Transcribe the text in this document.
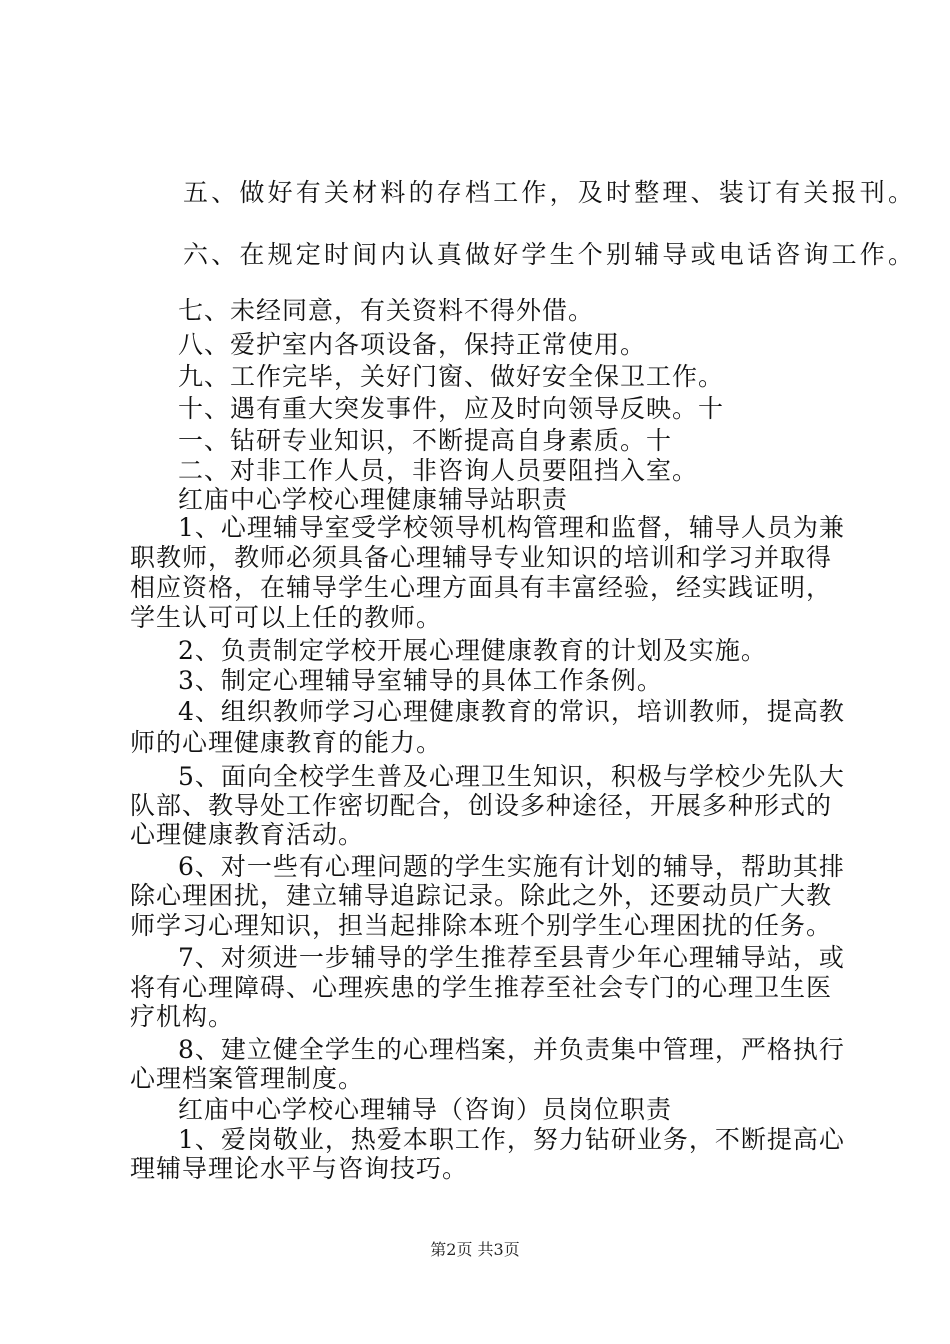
五、做好有关材料的存档工作，及时整理、装订有关报刊。
六、在规定时间内认真做好学生个别辅导或电话咨询工作。
七、未经同意，有关资料不得外借。
八、爱护室内各项设备，保持正常使用。
九、工作完毕，关好门窗、做好安全保卫工作。
十、遇有重大突发事件，应及时向领导反映。十
一、钻研专业知识，不断提高自身素质。十
二、对非工作人员，非咨询人员要阻挡入室。
红庙中心学校心理健康辅导站职责
1、心理辅导室受学校领导机构管理和监督，辅导人员为兼
职教师，教师必须具备心理辅导专业知识的培训和学习并取得
相应资格，在辅导学生心理方面具有丰富经验，经实践证明，
学生认可可以上任的教师。
2、负责制定学校开展心理健康教育的计划及实施。
3、制定心理辅导室辅导的具体工作条例。
4、组织教师学习心理健康教育的常识，培训教师，提高教
师的心理健康教育的能力。
5、面向全校学生普及心理卫生知识，积极与学校少先队大
队部、教导处工作密切配合，创设多种途径，开展多种形式的
心理健康教育活动。
6、对一些有心理问题的学生实施有计划的辅导，帮助其排
除心理困扰，建立辅导追踪记录。除此之外，还要动员广大教
师学习心理知识，担当起排除本班个别学生心理困扰的任务。
7、对须进一步辅导的学生推荐至县青少年心理辅导站，或
将有心理障碍、心理疾患的学生推荐至社会专门的心理卫生医
疗机构。
8、建立健全学生的心理档案，并负责集中管理，严格执行
心理档案管理制度。
红庙中心学校心理辅导（咨询）员岗位职责
1、爱岗敬业，热爱本职工作，努力钻研业务，不断提高心
理辅导理论水平与咨询技巧。
第2页 共3页
